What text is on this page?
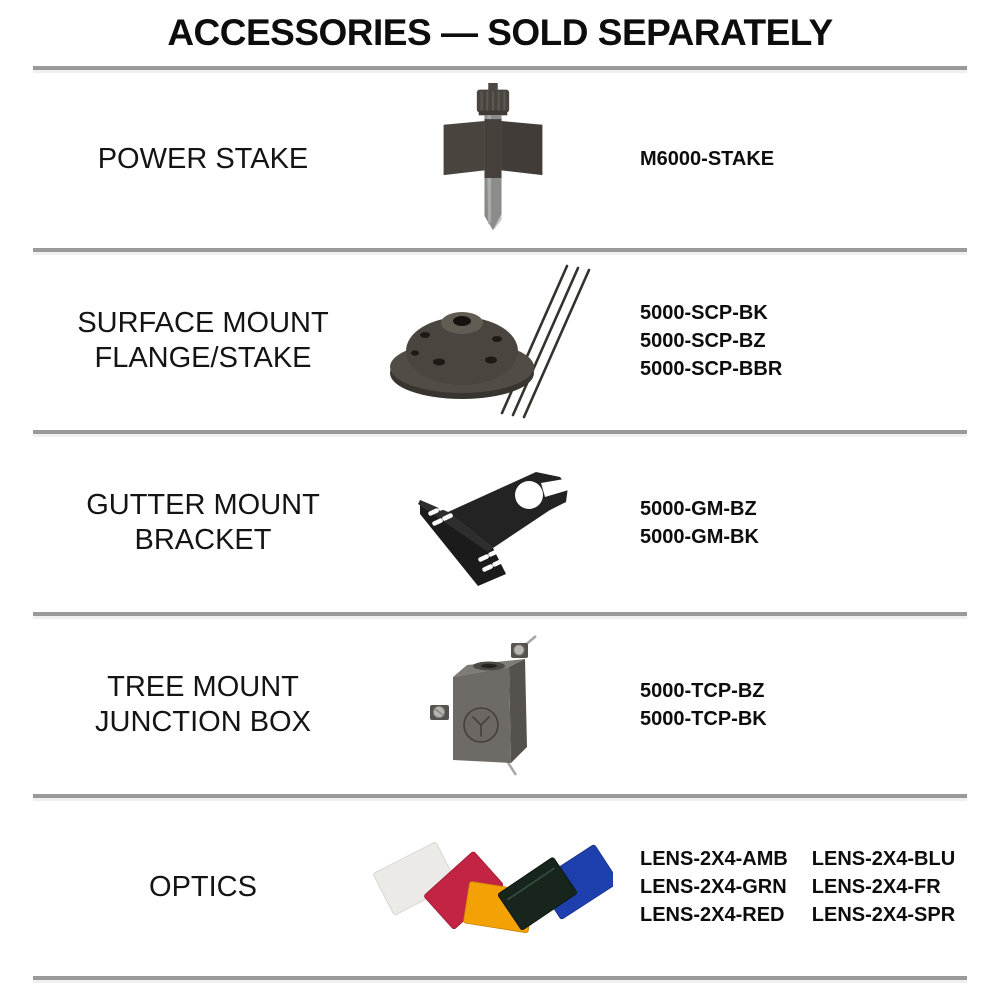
ACCESSORIES — SOLD SEPARATELY
POWER STAKE	M6000-STAKE
SURFACE MOUNT
FLANGE/STAKE
5000-SCP-BK
5000-SCP-BZ
5000-SCP-BBR
GUTTER MOUNT
BRACKET
5000-GM-BZ
5000-GM-BK
TREE MOUNT
JUNCTION BOX
5000-TCP-BZ
5000-TCP-BK
OPTICS
LENS-2X4-AMB
LENS-2X4-GRN
LENS-2X4-RED
LENS-2X4-BLU
LENS-2X4-FR
LENS-2X4-SPR
